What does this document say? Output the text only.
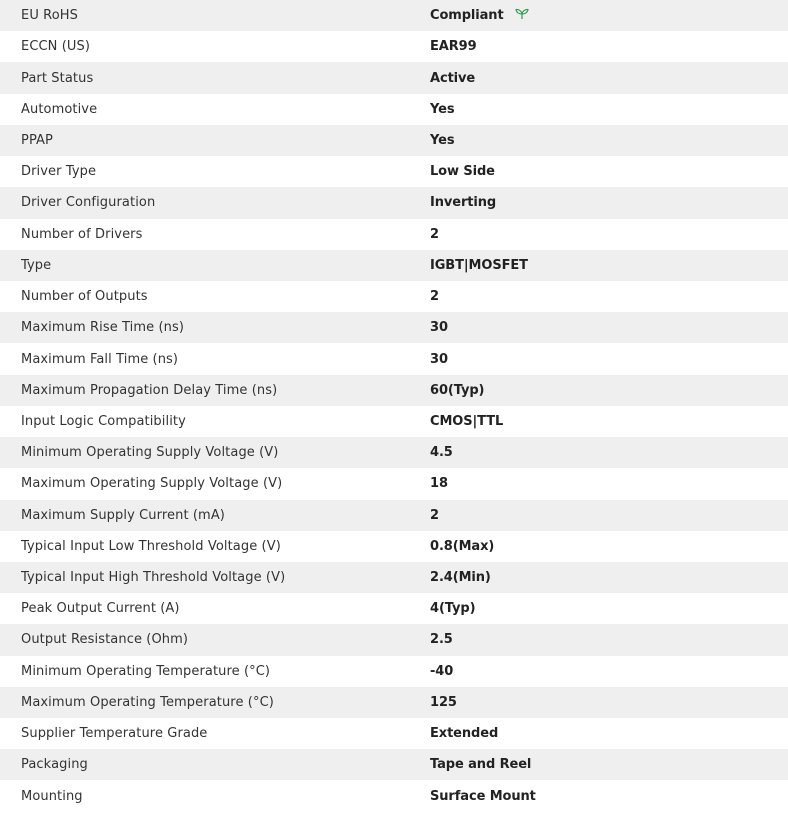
EU RoHS	Compliant
ECCN (US)	EAR99
Part Status	Active
Automotive	Yes
PPAP	Yes
Driver Type	Low Side
Driver Configuration	Inverting
Number of Drivers	2
Type	IGBT|MOSFET
Number of Outputs	2
Maximum Rise Time (ns)	30
Maximum Fall Time (ns)	30
Maximum Propagation Delay Time (ns)	60(Typ)
Input Logic Compatibility	CMOS|TTL
Minimum Operating Supply Voltage (V)	4.5
Maximum Operating Supply Voltage (V)	18
Maximum Supply Current (mA)	2
Typical Input Low Threshold Voltage (V)	0.8(Max)
Typical Input High Threshold Voltage (V)	2.4(Min)
Peak Output Current (A)	4(Typ)
Output Resistance (Ohm)	2.5
Minimum Operating Temperature (°C)	-40
Maximum Operating Temperature (°C)	125
Supplier Temperature Grade	Extended
Packaging	Tape and Reel
Mounting	Surface Mount
